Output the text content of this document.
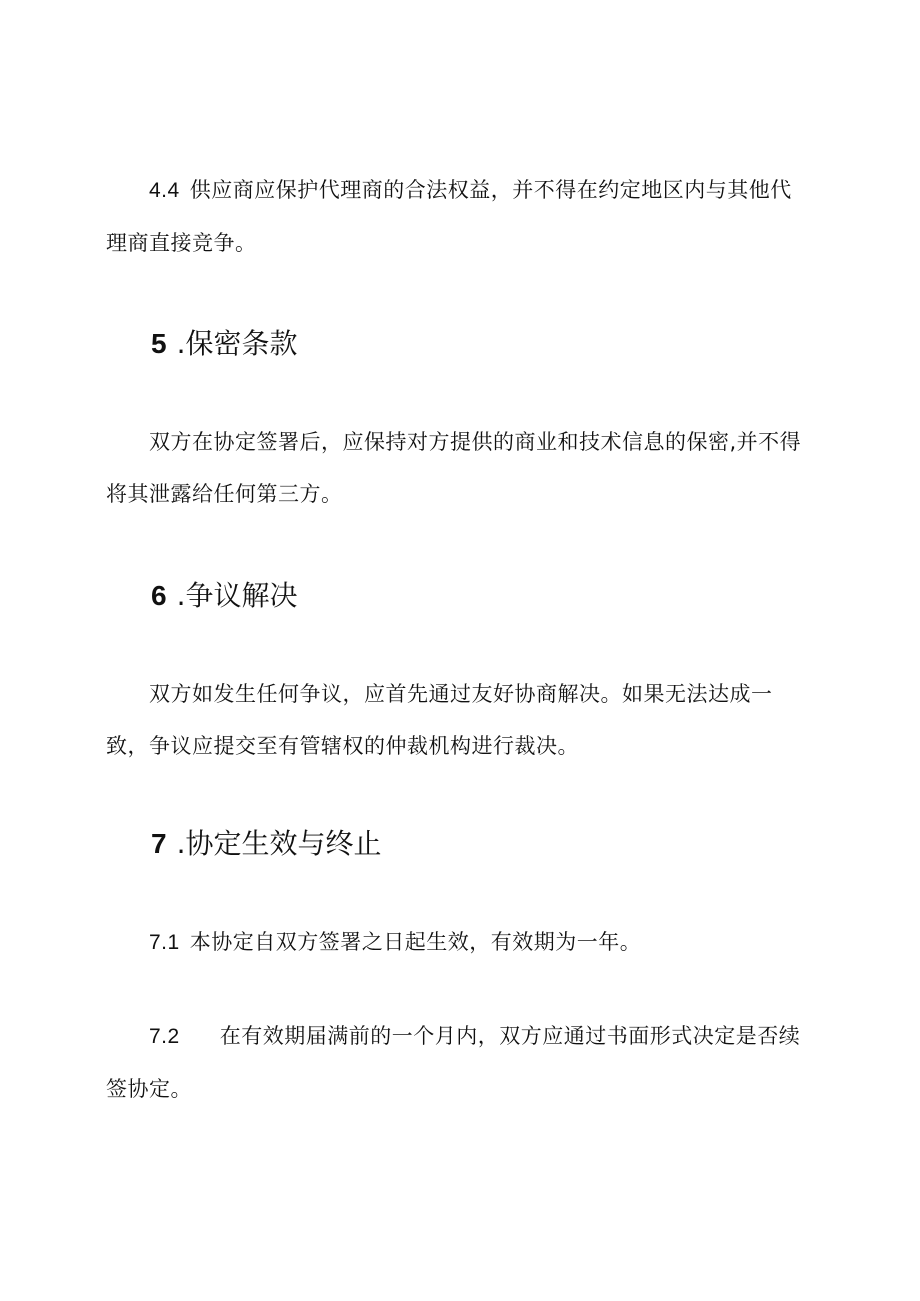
4.4 供应商应保护代理商的合法权益，并不得在约定地区内与其他代理商直接竞争。

5 .保密条款

双方在协定签署后，应保持对方提供的商业和技术信息的保密,并不得将其泄露给任何第三方。

6 .争议解决

双方如发生任何争议，应首先通过友好协商解决。如果无法达成一致，争议应提交至有管辖权的仲裁机构进行裁决。

7 .协定生效与终止

7.1 本协定自双方签署之日起生效，有效期为一年。

7.2 在有效期届满前的一个月内，双方应通过书面形式决定是否续签协定。
